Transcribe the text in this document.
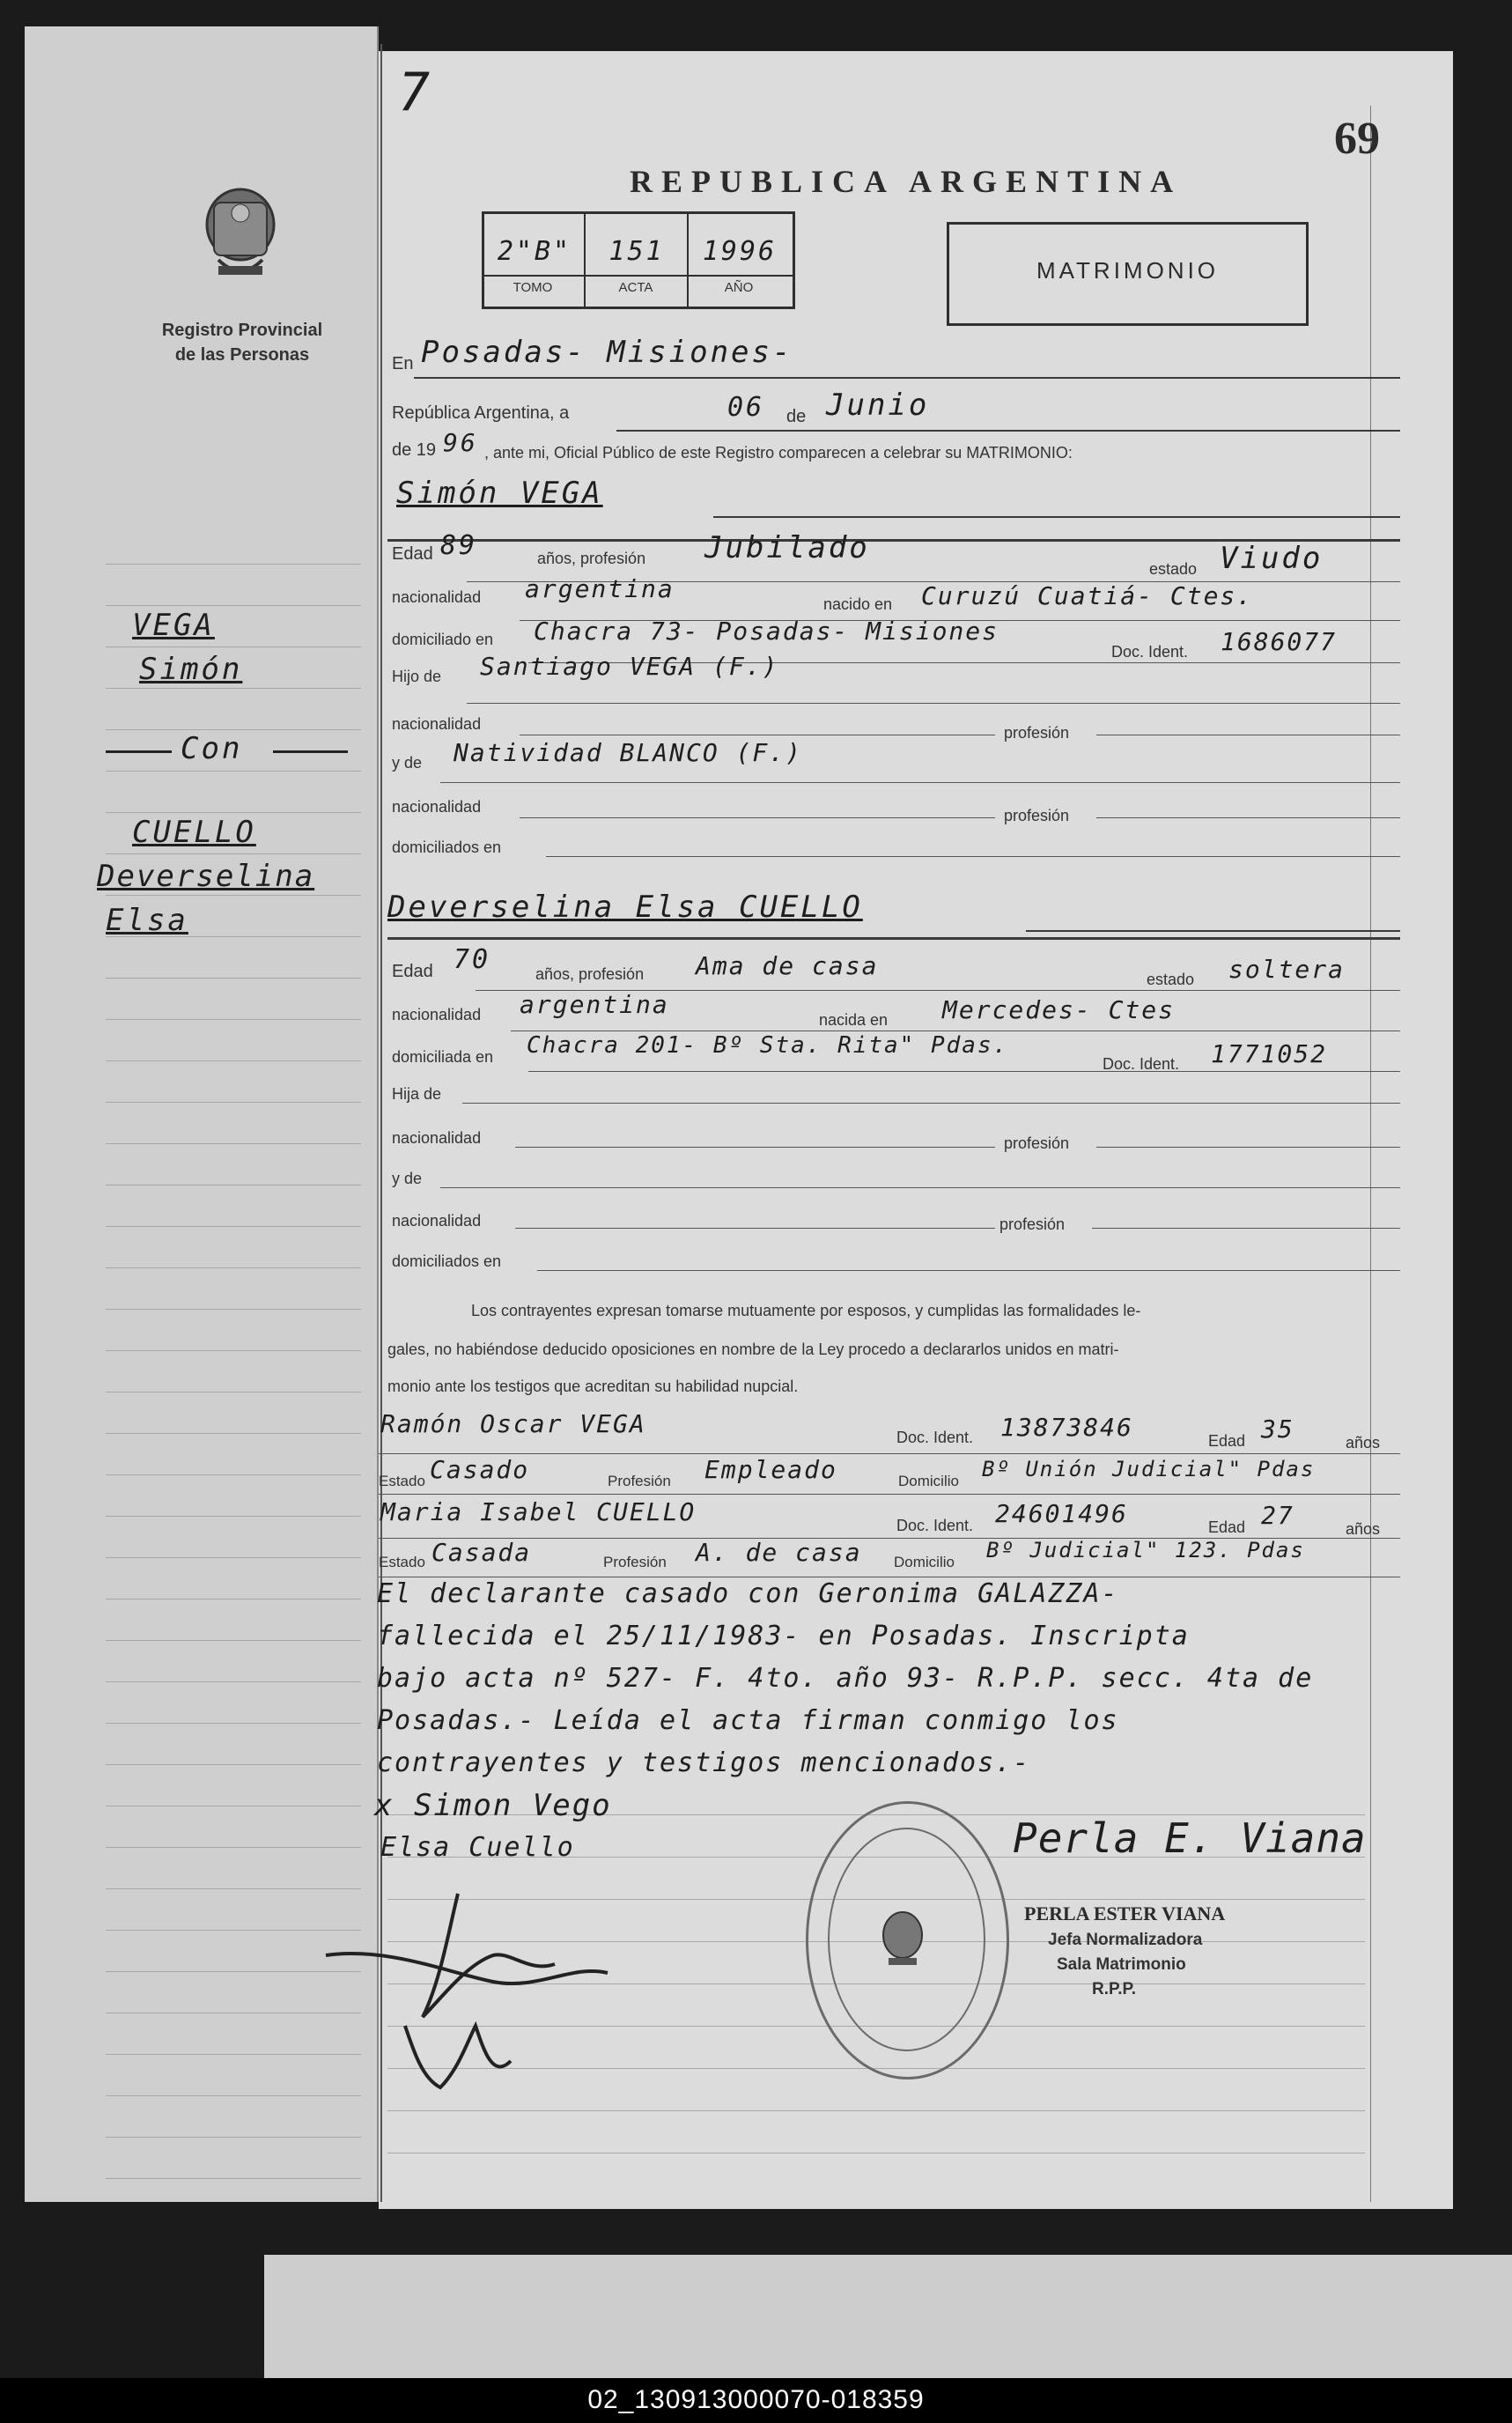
7
69
REPUBLICA ARGENTINA
Registro Provincial
de las Personas
2"B"	151	1996
TOMO	ACTA	AÑO
MATRIMONIO
VEGA
Simón
Con
CUELLO
Deverselina
Elsa
En Posadas- Misiones-
República Argentina, a	06 de Junio
de 19 96 , ante mi, Oficial Público de este Registro comparecen a celebrar su MATRIMONIO:
Simón VEGA
Edad 89	años, profesión Jubilado
estado Viudo
nacionalidad argentina
nacido en Curuzú Cuatiá- Ctes.
domiciliado en Chacra 73- Posadas- Misiones
Doc. Ident. 1686077
Hijo de Santiago VEGA (F.)
nacionalidad	profesión
y de Natividad BLANCO (F.)
nacionalidad	profesión
domiciliados en
Deverselina Elsa CUELLO
Edad 70	años, profesión Ama de casa	estado soltera
nacionalidad argentina
nacida en Mercedes- Ctes
domiciliada en Chacra 201- Bº Sta. Rita" Pdas.
Doc. Ident. 1771052
Hija de
nacionalidad	profesión
y de
nacionalidad	profesión
domiciliados en
Los contrayentes expresan tomarse mutuamente por esposos, y cumplidas las formalidades le-
gales, no habiéndose deducido oposiciones en nombre de la Ley procedo a declararlos unidos en matri-
monio ante los testigos que acreditan su habilidad nupcial.
Ramón Oscar VEGA	Doc. Ident. 13873846	Edad 35	años
Estado Casado	Profesión Empleado	Domicilio Bº Unión Judicial" Pdas
Maria Isabel CUELLO	Doc. Ident. 24601496	Edad 27	años
Estado Casada	Profesión A. de casa Domicilio Bº Judicial" 123. Pdas
El declarante casado con Geronima GALAZZA-
fallecida el 25/11/1983- en Posadas. Inscripta
bajo acta nº 527- F. 4to. año 93- R.P.P. secc. 4ta de
Posadas.- Leída el acta firman conmigo los
contrayentes y testigos mencionados.-
x Simon Vego
Elsa Cuello	Perla E. Viana
PERLA ESTER VIANA
Jefa Normalizadora
Sala Matrimonio
R.P.P.
02_130913000070-018359
